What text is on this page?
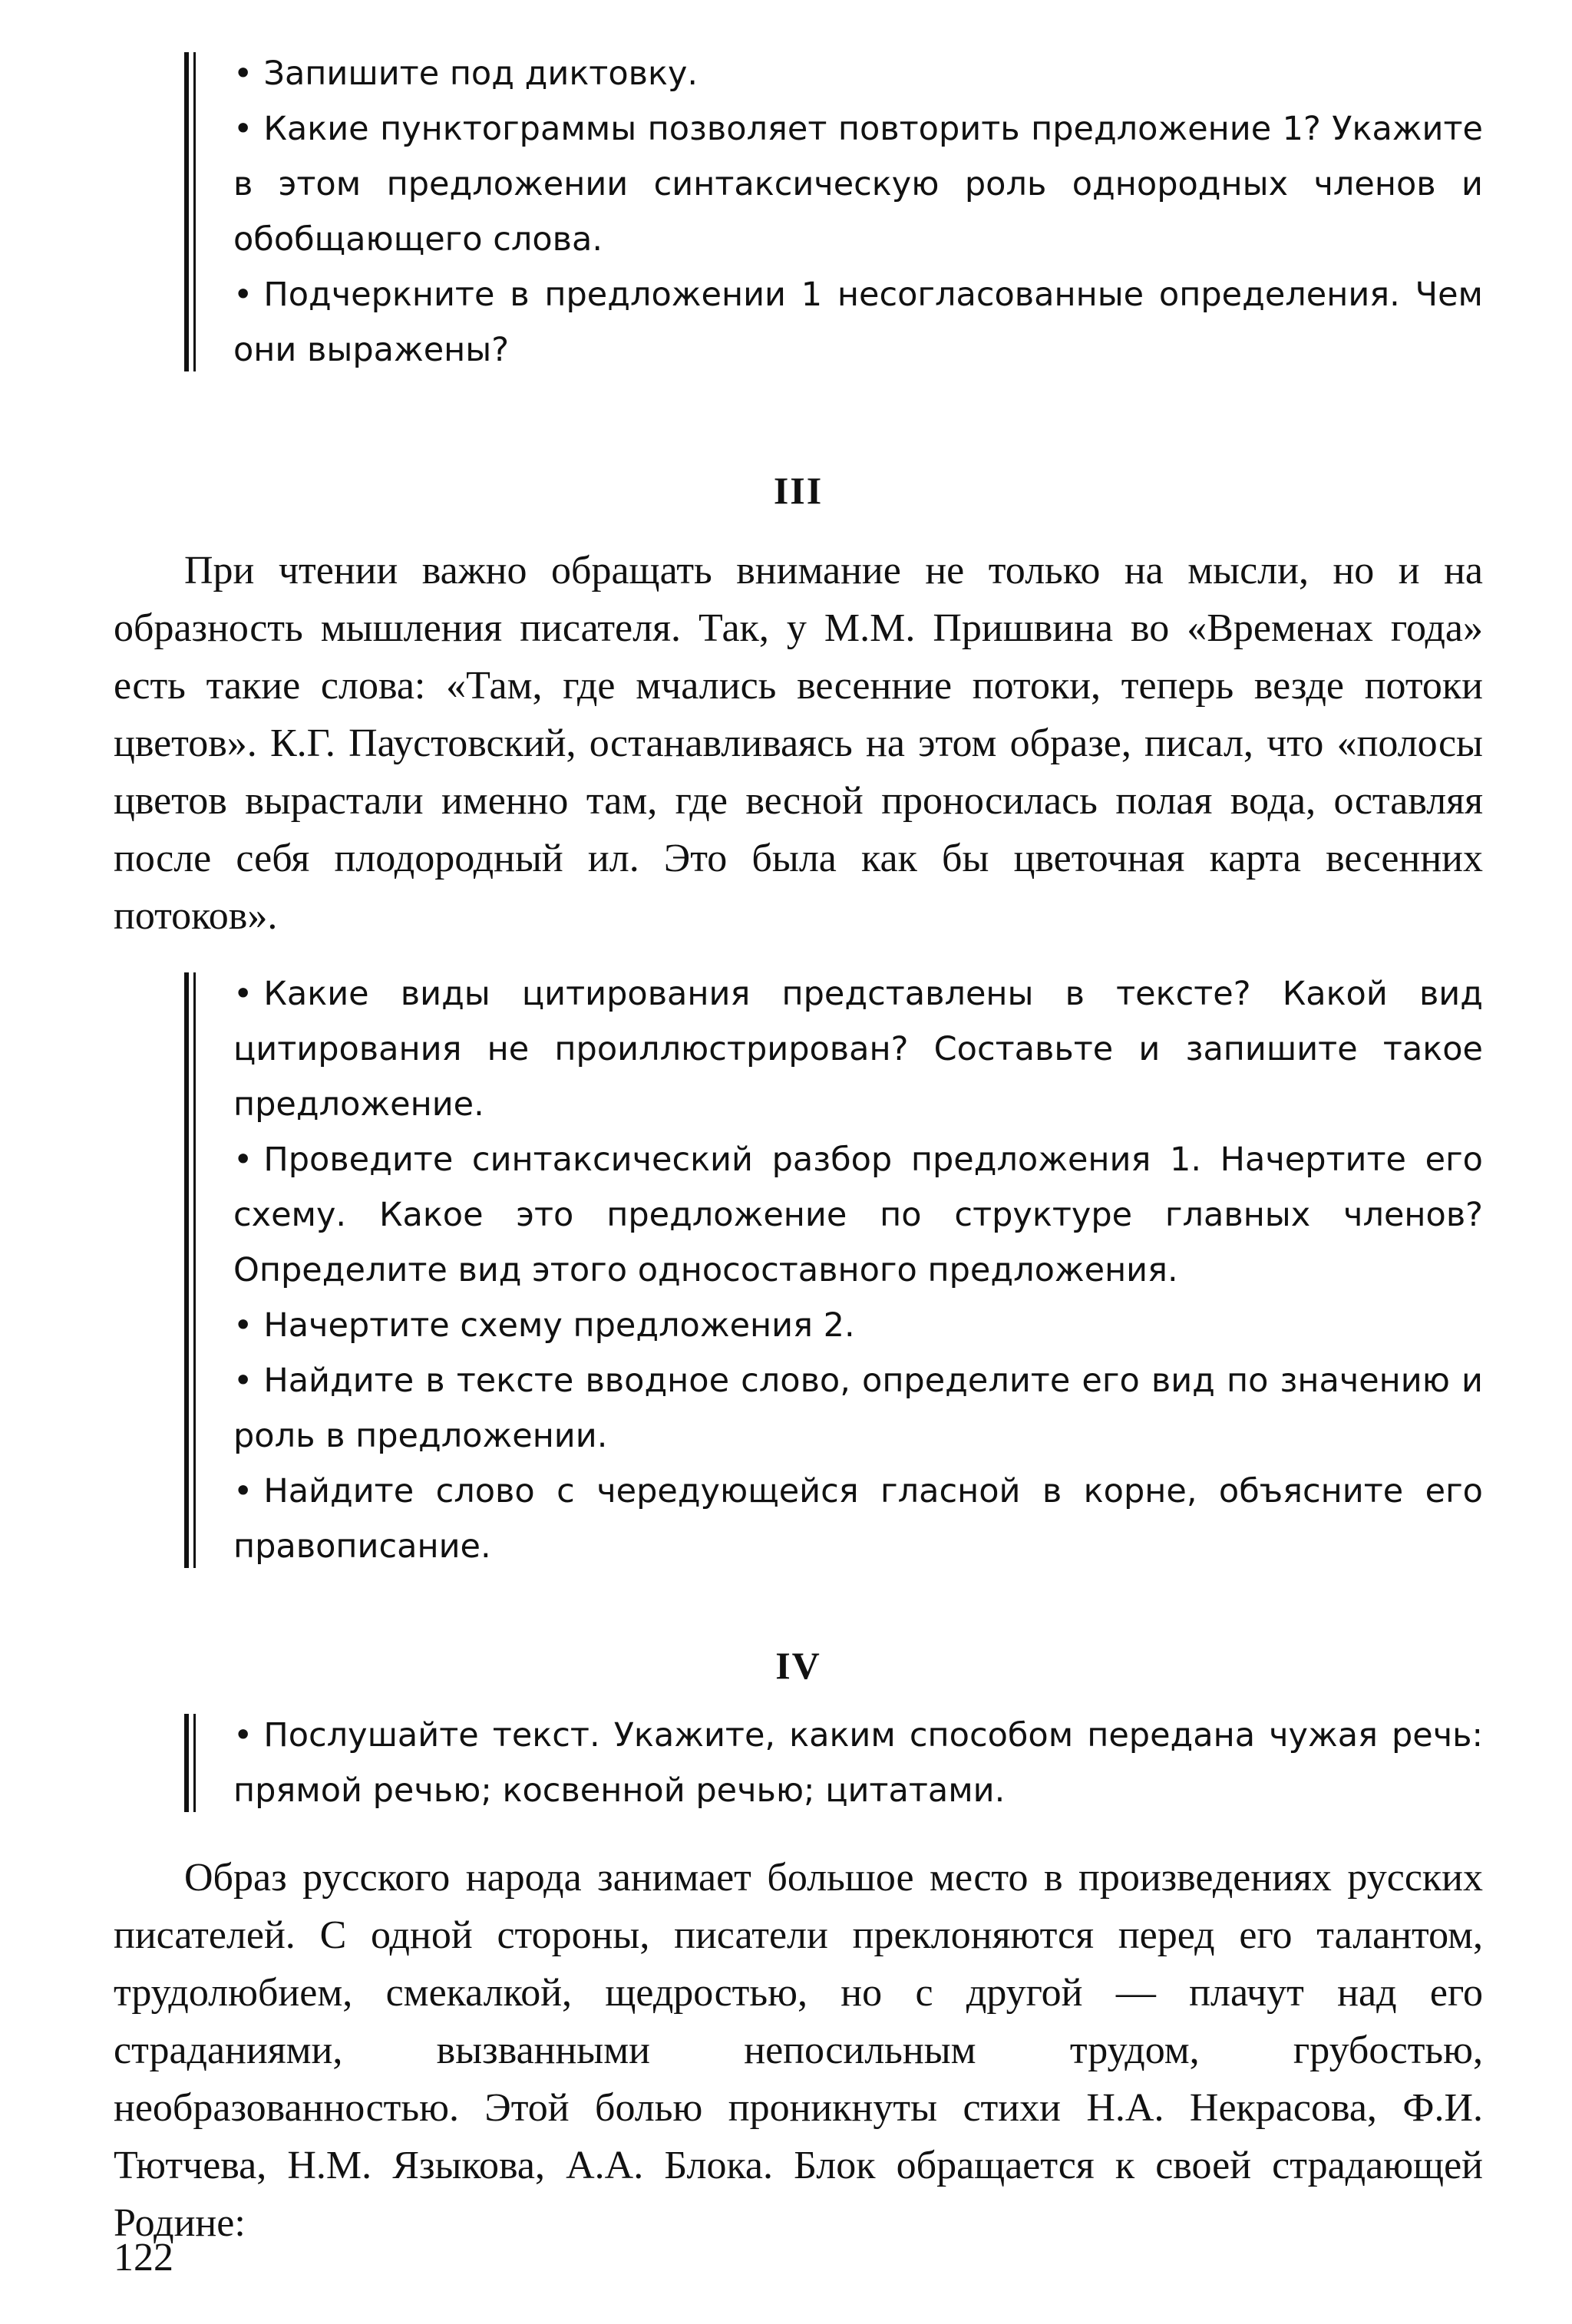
• Запишите под диктовку.

• Какие пунктограммы позволяет повторить предложение 1? Укажите в этом предложении синтаксическую роль однородных членов и обобщающего слова.

• Подчеркните в предложении 1 несогласованные определения. Чем они выражены?

III

При чтении важно обращать внимание не только на мысли, но и на образность мышления писателя. Так, у М.М. Пришвина во «Временах года» есть такие слова: «Там, где мчались весенние потоки, теперь везде потоки цветов». К.Г. Паустовский, останавливаясь на этом образе, писал, что «полосы цветов вырастали именно там, где весной проносилась полая вода, оставляя после себя плодородный ил. Это была как бы цветочная карта весенних потоков».

• Какие виды цитирования представлены в тексте? Какой вид цитирования не проиллюстрирован? Составьте и запишите такое предложение.

• Проведите синтаксический разбор предложения 1. Начертите его схему. Какое это предложение по структуре главных членов? Определите вид этого односоставного предложения.

• Начертите схему предложения 2.

• Найдите в тексте вводное слово, определите его вид по значению и роль в предложении.

• Найдите слово с чередующейся гласной в корне, объясните его правописание.

IV

• Послушайте текст. Укажите, каким способом передана чужая речь: прямой речью; косвенной речью; цитатами.

Образ русского народа занимает большое место в произведениях русских писателей. С одной стороны, писатели преклоняются перед его талантом, трудолюбием, смекалкой, щедростью, но с другой — плачут над его страданиями, вызванными непосильным трудом, грубостью, необразованностью. Этой болью проникнуты стихи Н.А. Некрасова, Ф.И. Тютчева, Н.М. Языкова, А.А. Блока. Блок обращается к своей страдающей Родине:

122
